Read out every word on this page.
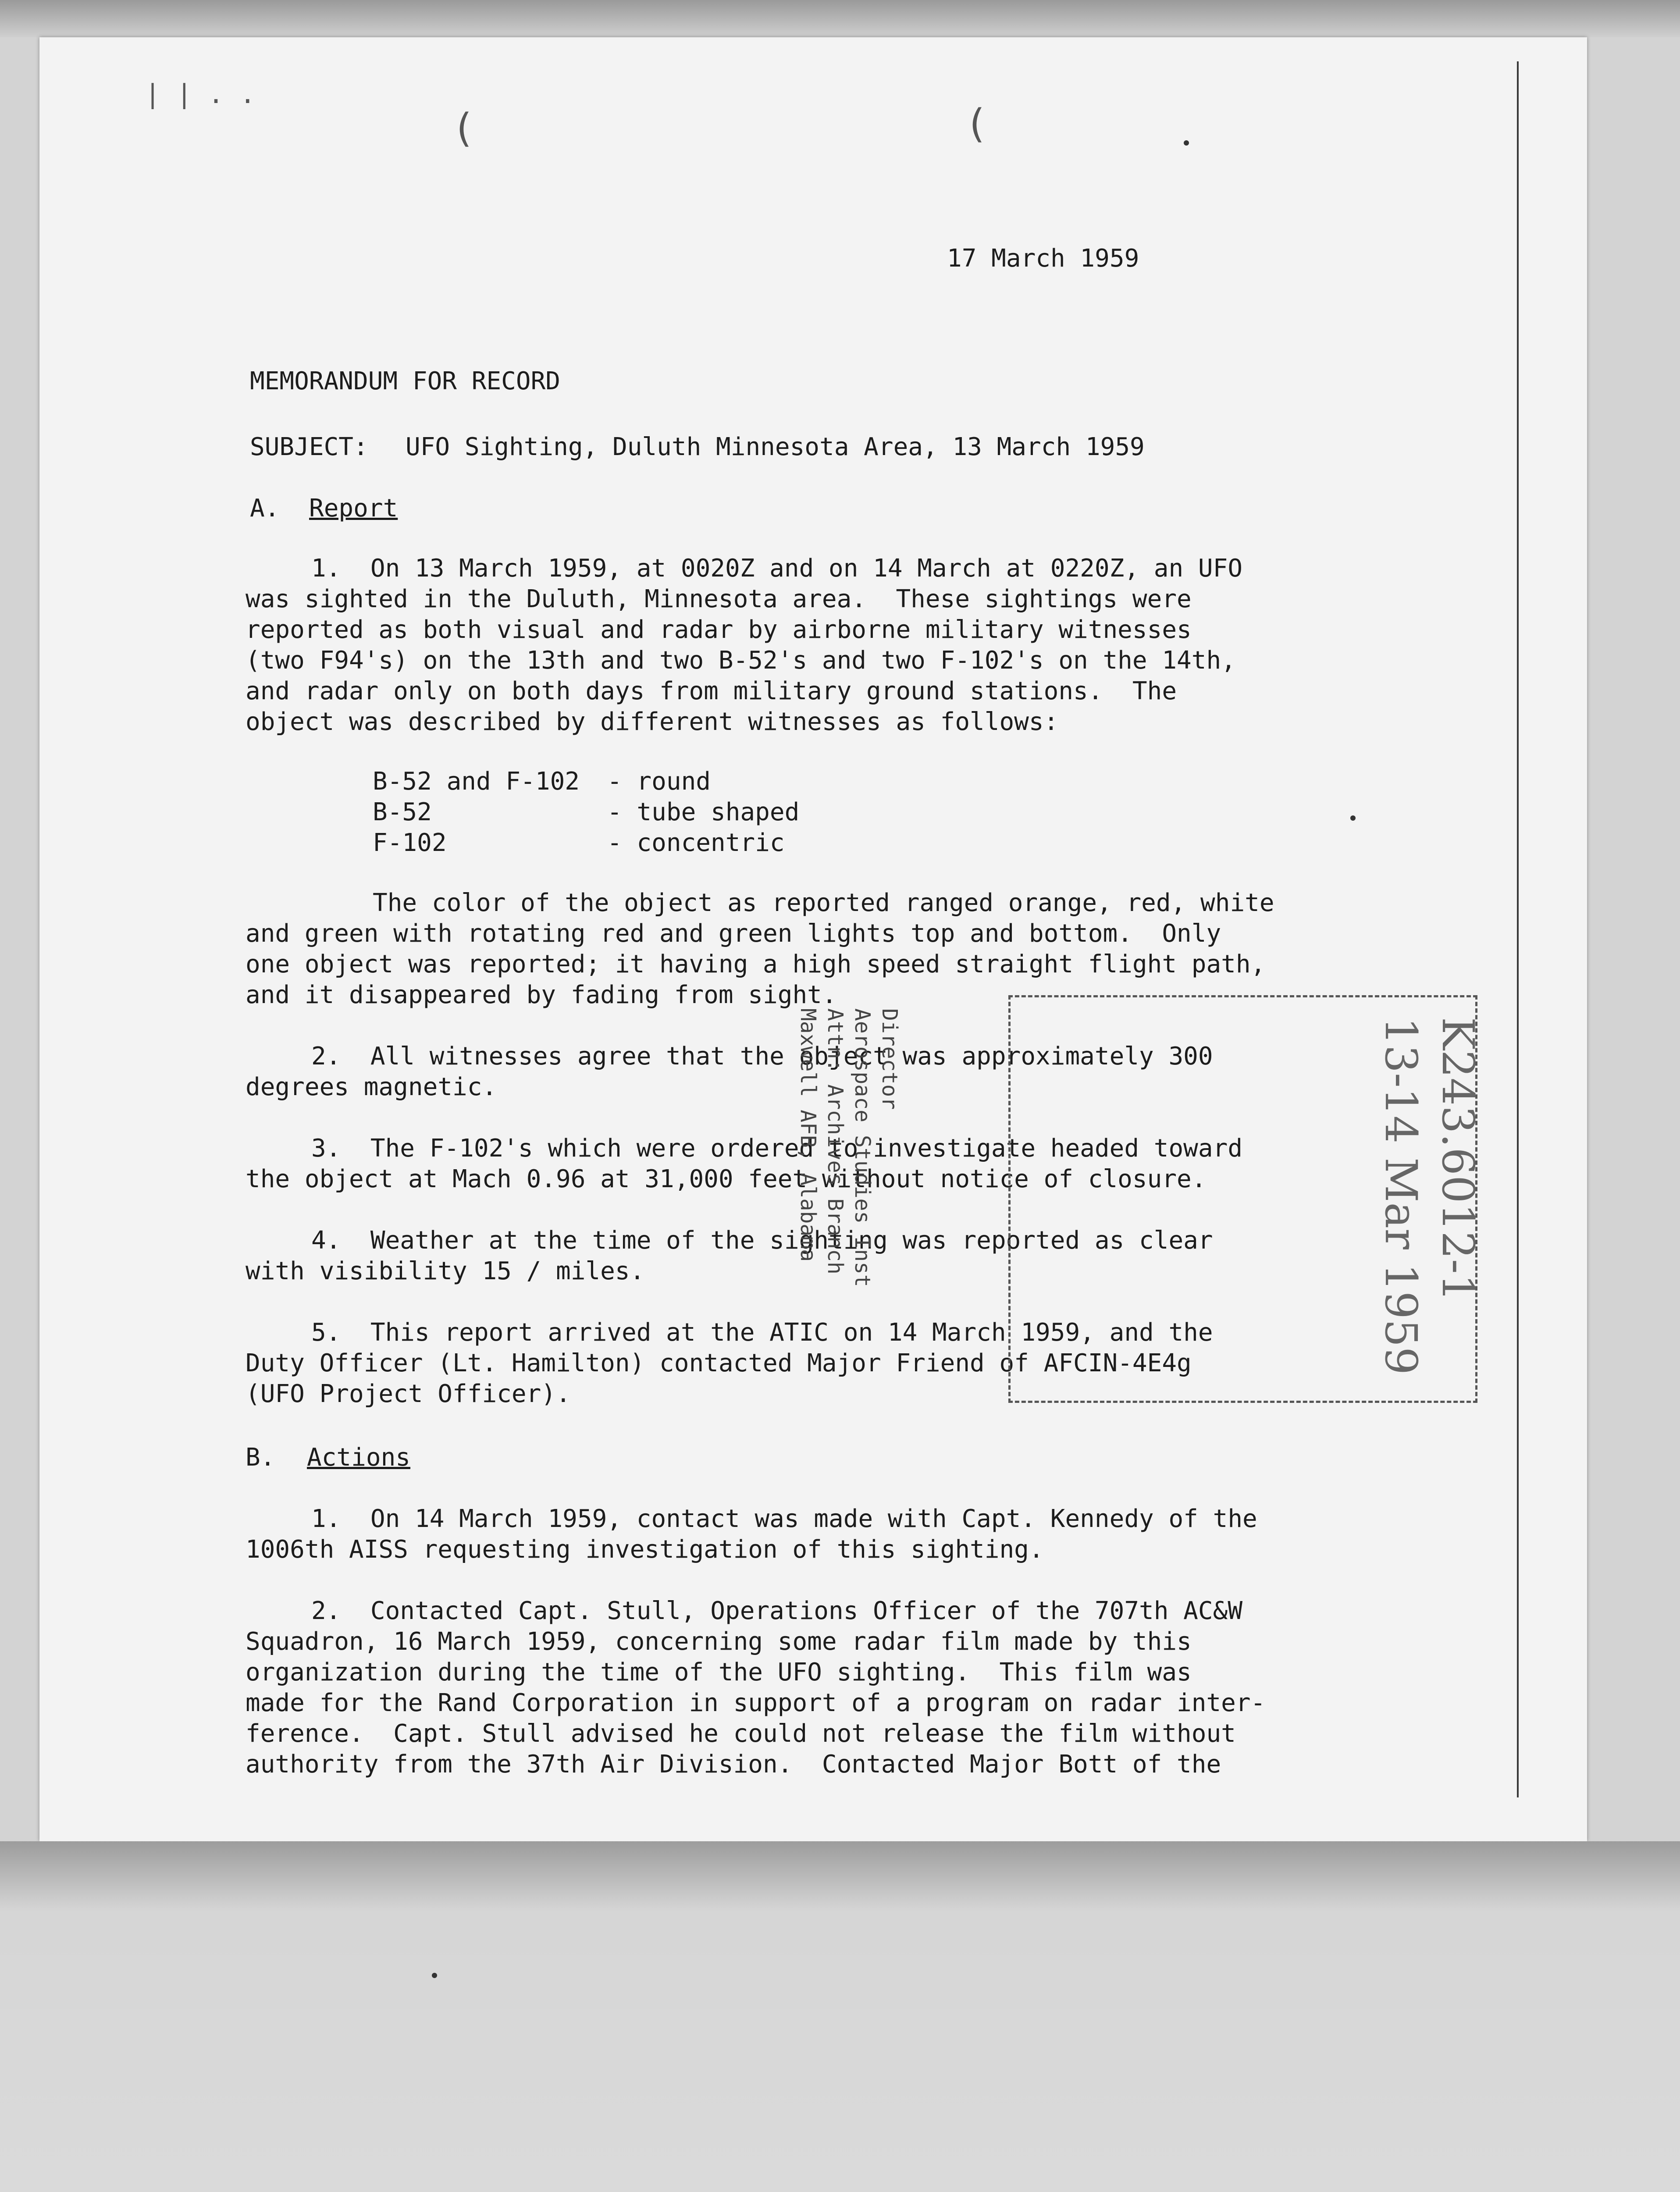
| | . .
(	(
17 March 1959
MEMORANDUM FOR RECORD
SUBJECT: UFO Sighting, Duluth Minnesota Area, 13 March 1959
A. Report
1.  On 13 March 1959, at 0020Z and on 14 March at 0220Z, an UFO
was sighted in the Duluth, Minnesota area.  These sightings were
reported as both visual and radar by airborne military witnesses
(two F94's) on the 13th and two B-52's and two F-102's on the 14th,
and radar only on both days from military ground stations.  The
object was described by different witnesses as follows:
B-52 and F-102 - round
B-52	- tube shaped
F-102	- concentric
The color of the object as reported ranged orange, red, white
and green with rotating red and green lights top and bottom.  Only
one object was reported; it having a high speed straight flight path,
and it disappeared by fading from sight.
2.  All witnesses agree that the object was approximately 300
degrees magnetic.
3.  The F-102's which were ordered to investigate headed toward
the object at Mach 0.96 at 31,000 feet without notice of closure.
4.  Weather at the time of the sighting was reported as clear
with visibility 15 / miles.
5.  This report arrived at the ATIC on 14 March 1959, and the
Duty Officer (Lt. Hamilton) contacted Major Friend of AFCIN-4E4g
(UFO Project Officer).
B. Actions
1.  On 14 March 1959, contact was made with Capt. Kennedy of the
1006th AISS requesting investigation of this sighting.
2.  Contacted Capt. Stull, Operations Officer of the 707th AC&W
Squadron, 16 March 1959, concerning some radar film made by this
organization during the time of the UFO sighting.  This film was
made for the Rand Corporation in support of a program on radar inter-
ference.  Capt. Stull advised he could not release the film without
authority from the 37th Air Division.  Contacted Major Bott of the
Director
Aerospace Studies Inst
Attn: Archives Branch
Maxwell AFB, Alabama	K243.6012-1
13-14 Mar 1959
